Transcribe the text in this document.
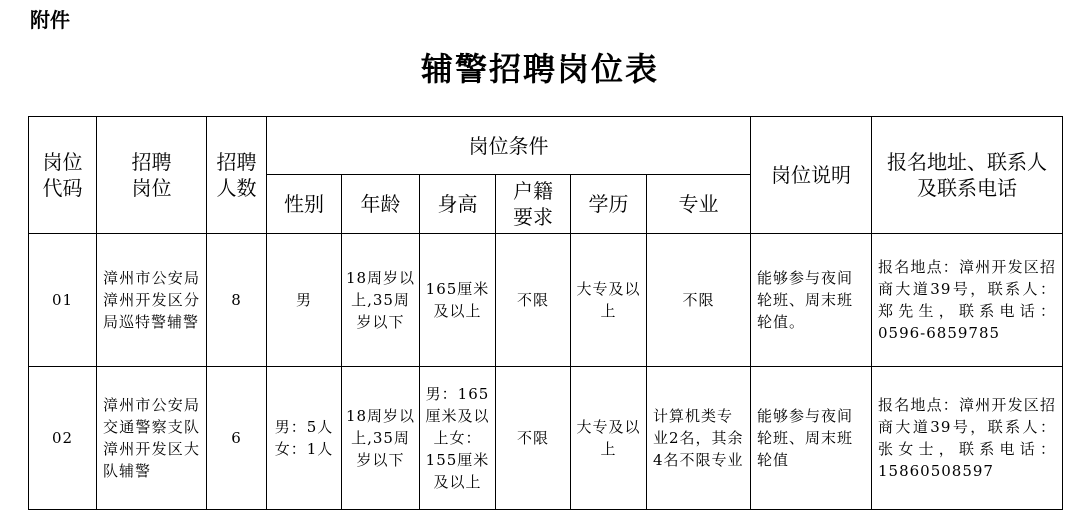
附件
辅警招聘岗位表
岗位代码	招聘岗位	招聘人数	岗位条件						岗位说明	报名地址、联系人及联系电话

			性别	年龄	身高	户籍要求	学历	专业		
01	漳州市公安局漳州开发区分局巡特警辅警	8	男	18周岁以上,35周岁以下	165厘米及以上	不限	大专及以上	不限	能够参与夜间轮班、周末班轮值。	报名地点：漳州开发区招商大道39号，联系人：郑先生，联系电话：0596-6859785
02	漳州市公安局交通警察支队漳州开发区大队辅警	6	男：5人女：1人	18周岁以上,35周岁以下	男：165厘米及以上女：155厘米及以上	不限	大专及以上	计算机类专业2名，其余4名不限专业	能够参与夜间轮班、周末班轮值	报名地点：漳州开发区招商大道39号，联系人：张女士，联系电话：15860508597
